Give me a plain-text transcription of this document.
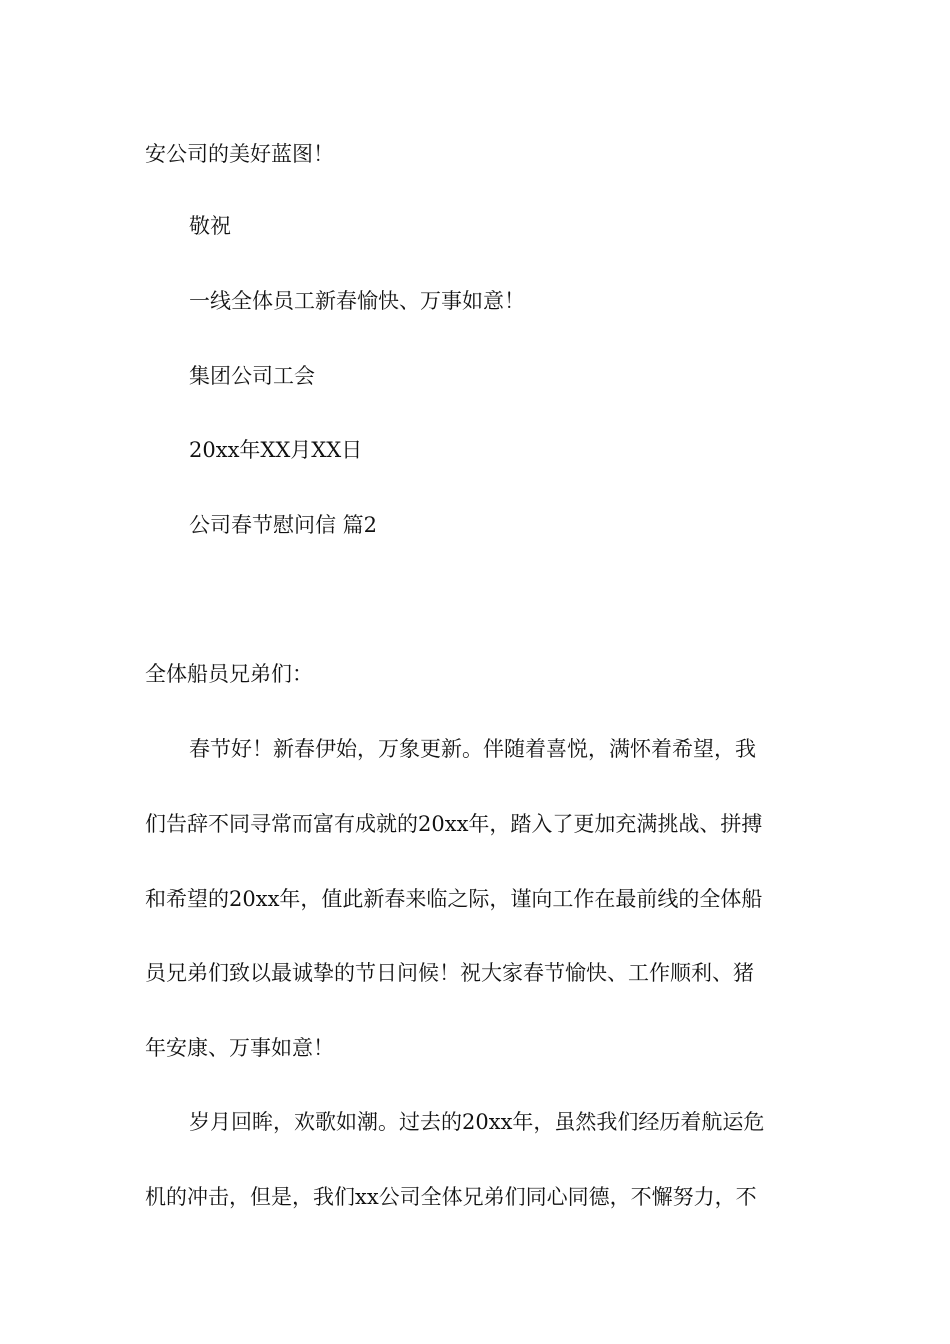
安公司的美好蓝图！
敬祝
一线全体员工新春愉快、万事如意！
集团公司工会
20xx年XX月XX日
公司春节慰问信 篇2
全体船员兄弟们：
春节好！新春伊始，万象更新。伴随着喜悦，满怀着希望，我
们告辞不同寻常而富有成就的20xx年，踏入了更加充满挑战、拼搏
和希望的20xx年，值此新春来临之际，谨向工作在最前线的全体船
员兄弟们致以最诚挚的节日问候！祝大家春节愉快、工作顺利、猪
年安康、万事如意！
岁月回眸，欢歌如潮。过去的20xx年，虽然我们经历着航运危
机的冲击，但是，我们xx公司全体兄弟们同心同德，不懈努力，不
